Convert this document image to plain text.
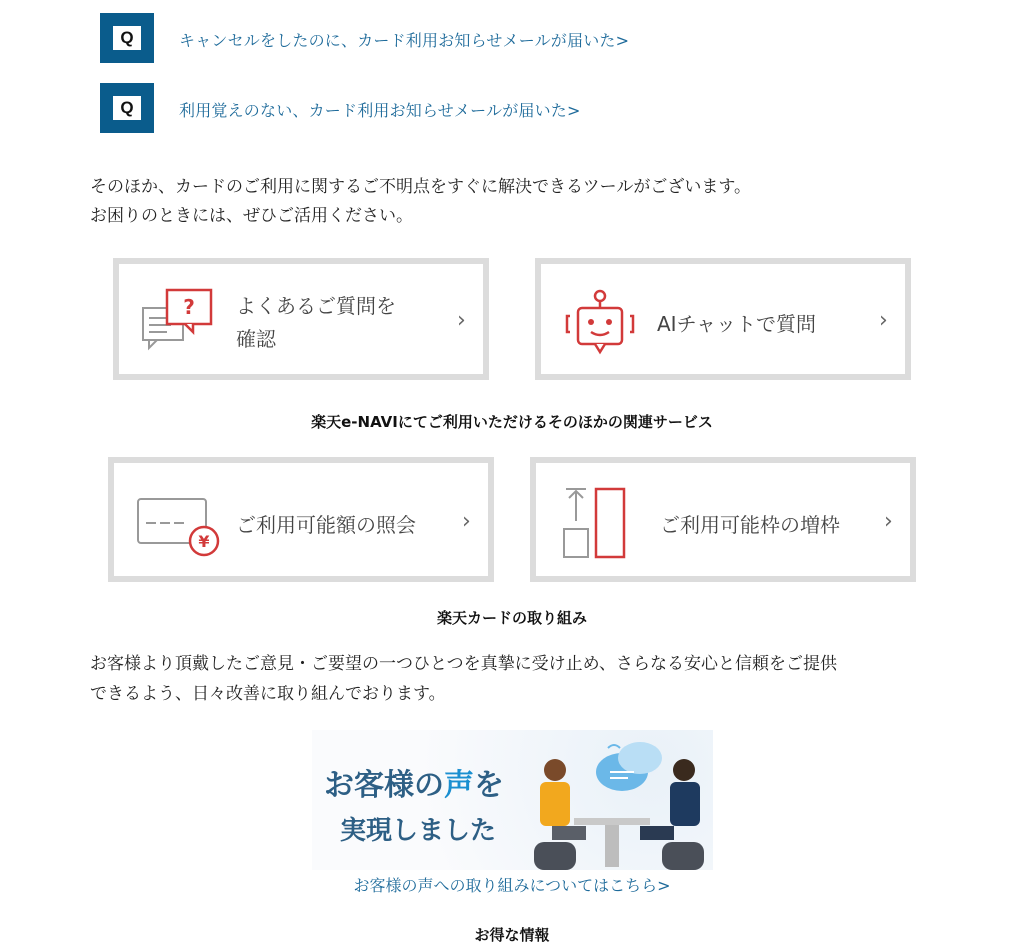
Q	キャンセルをしたのに、カード利用お知らせメールが届いた>
Q	利用覚えのない、カード利用お知らせメールが届いた>
そのほか、カードのご利用に関するご不明点をすぐに解決できるツールがございます。
お困りのときには、ぜひご活用ください。
? よくあるご質問を
確認
›	AIチャットで質問	›
楽天e-NAVIにてご利用いただけるそのほかの関連サービス
¥
ご利用可能額の照会 ›	ご利用可能枠の増枠 ›
楽天カードの取り組み
お客様より頂戴したご意見・ご要望の一つひとつを真摯に受け止め、さらなる安心と信頼をご提供
できるよう、日々改善に取り組んでおります。
お客様の声を
実現しました
お客様の声への取り組みについてはこちら>
お得な情報
